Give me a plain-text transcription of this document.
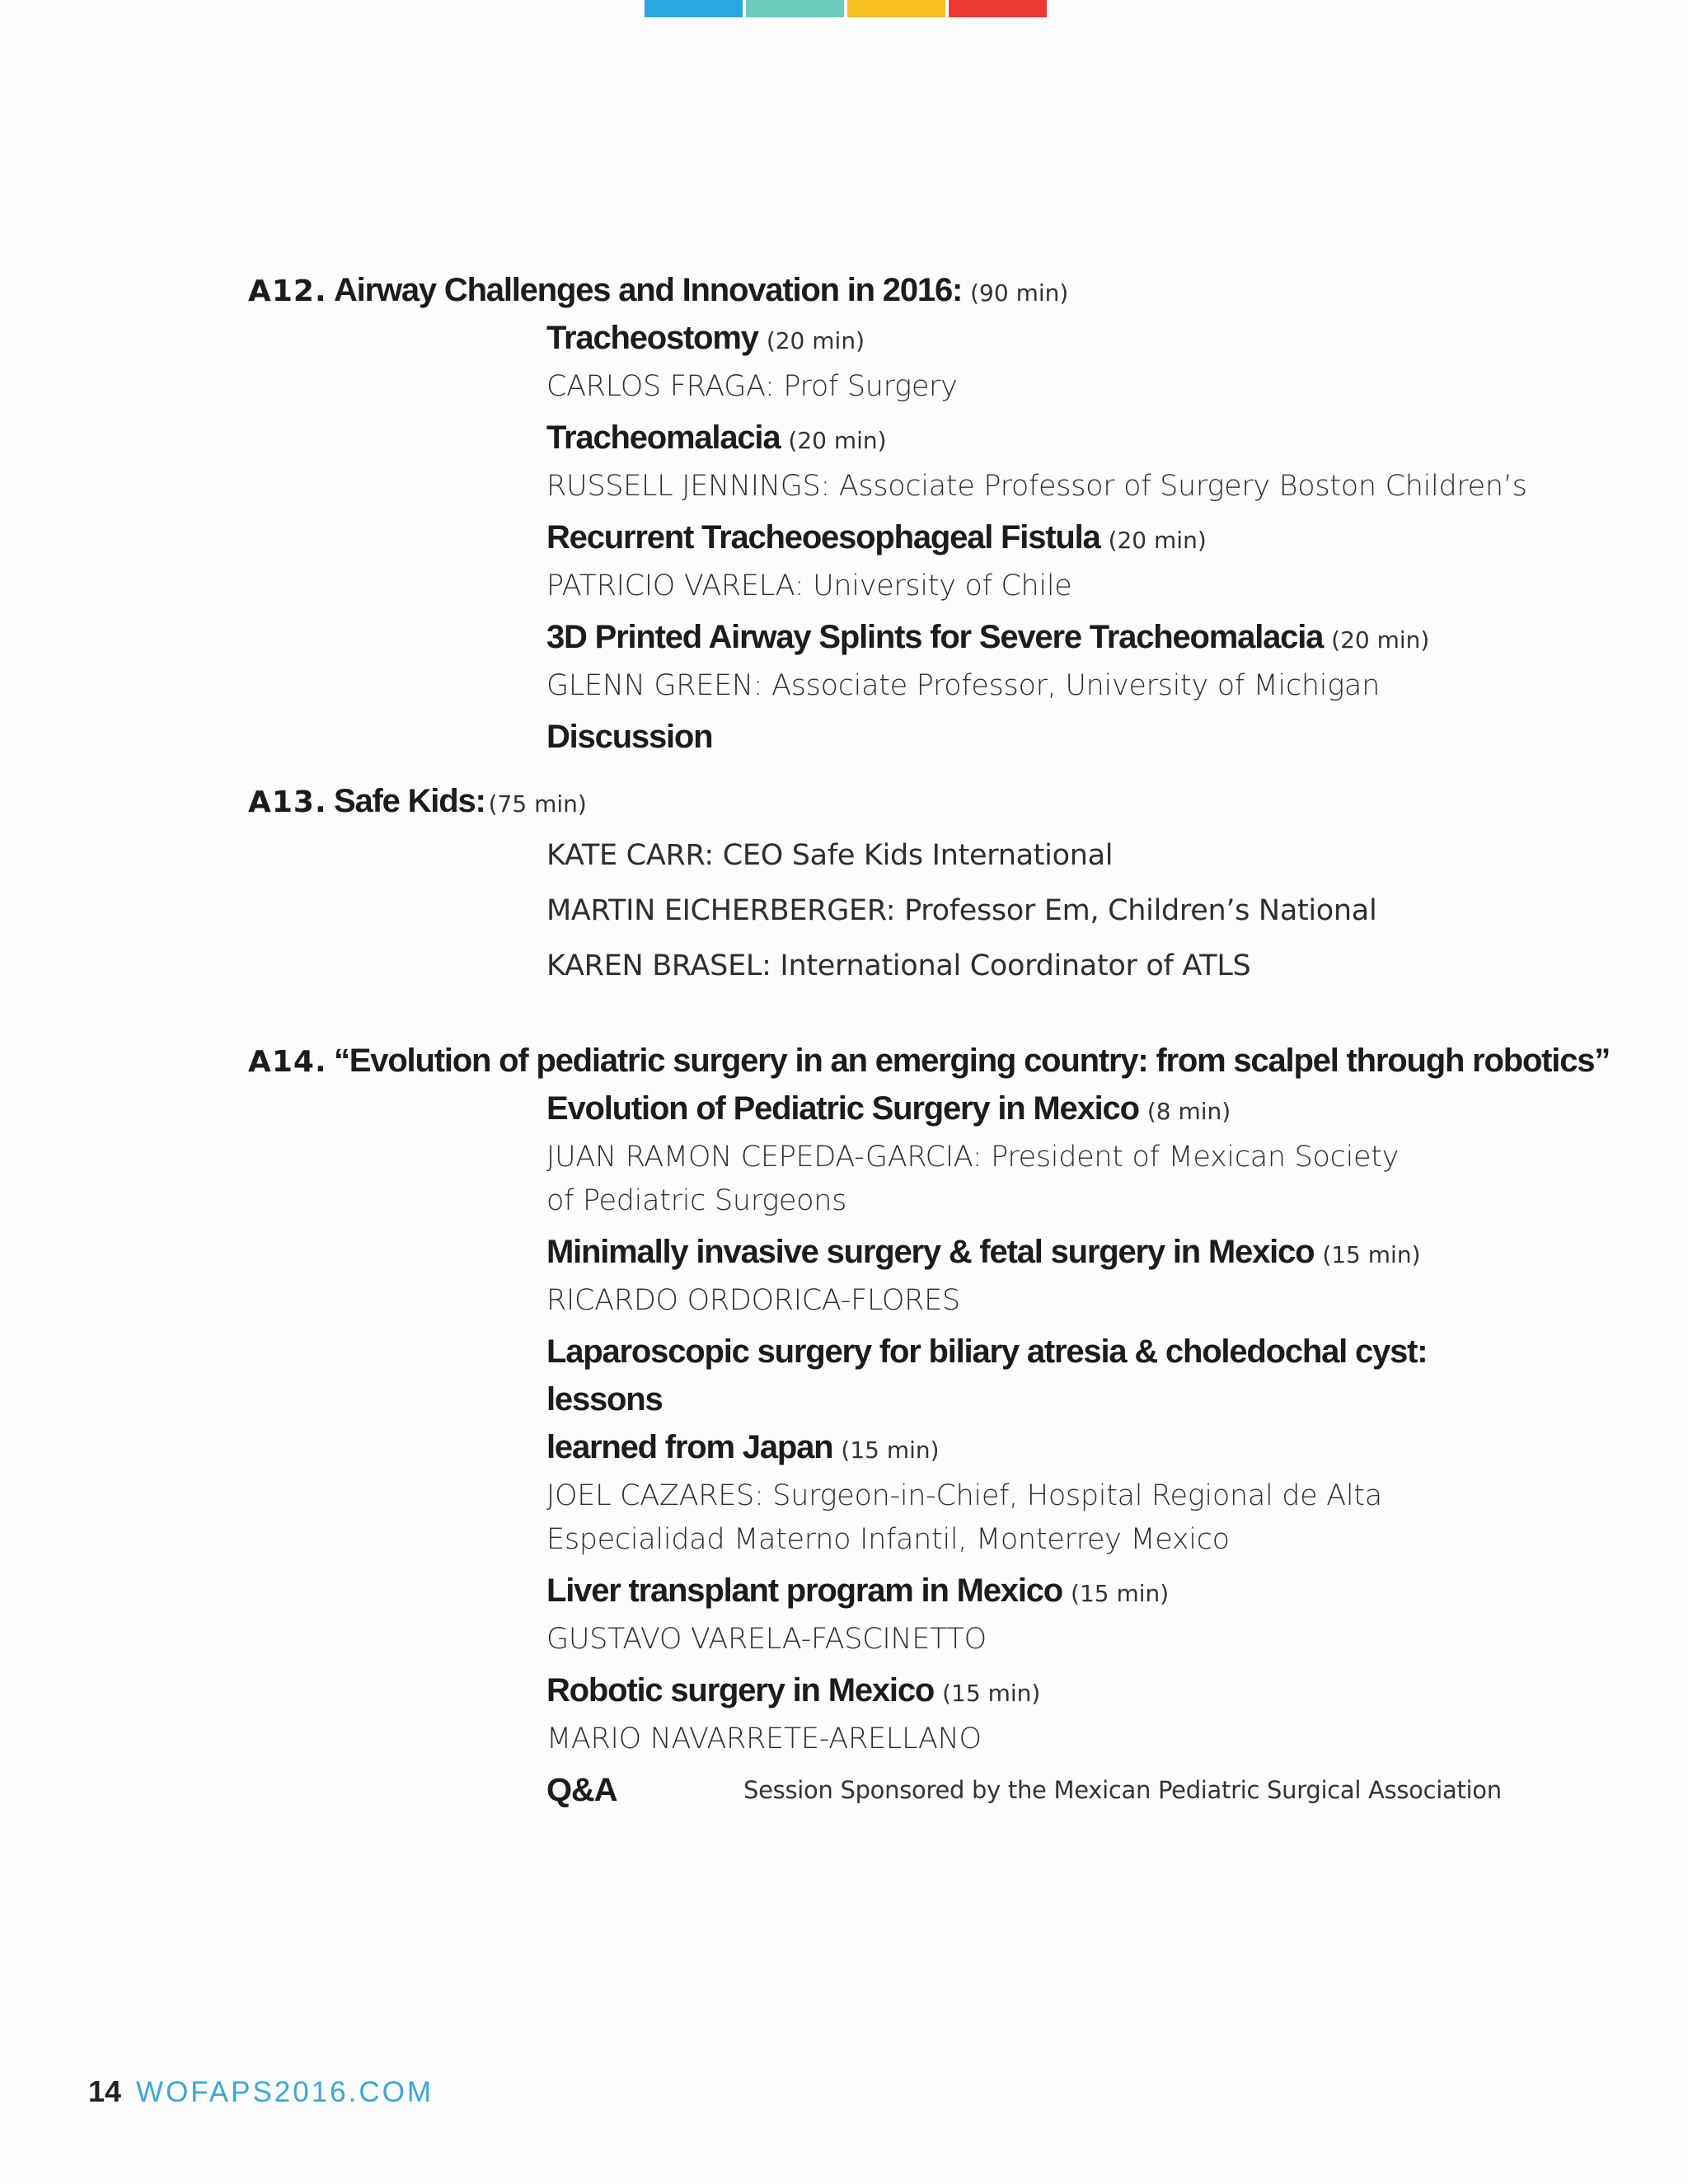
A12. Airway Challenges and Innovation in 2016: (90 min)
Tracheostomy (20 min)
CARLOS FRAGA: Prof Surgery
Tracheomalacia (20 min)
RUSSELL JENNINGS: Associate Professor of Surgery Boston Children’s
Recurrent Tracheoesophageal Fistula (20 min)
PATRICIO VARELA: University of Chile
3D Printed Airway Splints for Severe Tracheomalacia (20 min)
GLENN GREEN: Associate Professor, University of Michigan
Discussion
A13. Safe Kids: (75 min)
KATE CARR: CEO Safe Kids International
MARTIN EICHERBERGER: Professor Em, Children’s National
KAREN BRASEL: International Coordinator of ATLS
A14. “Evolution of pediatric surgery in an emerging country: from scalpel through robotics”
Evolution of Pediatric Surgery in Mexico (8 min)
JUAN RAMON CEPEDA-GARCIA: President of Mexican Society
of Pediatric Surgeons
Minimally invasive surgery & fetal surgery in Mexico (15 min)
RICARDO ORDORICA-FLORES
Laparoscopic surgery for biliary atresia & choledochal cyst: lessons
learned from Japan (15 min)
JOEL CAZARES: Surgeon-in-Chief, Hospital Regional de Alta
Especialidad Materno Infantil, Monterrey Mexico
Liver transplant program in Mexico (15 min)
GUSTAVO VARELA-FASCINETTO
Robotic surgery in Mexico (15 min)
MARIO NAVARRETE-ARELLANO
Q&A	Session Sponsored by the Mexican Pediatric Surgical Association
14 WOFAPS2016.COM
